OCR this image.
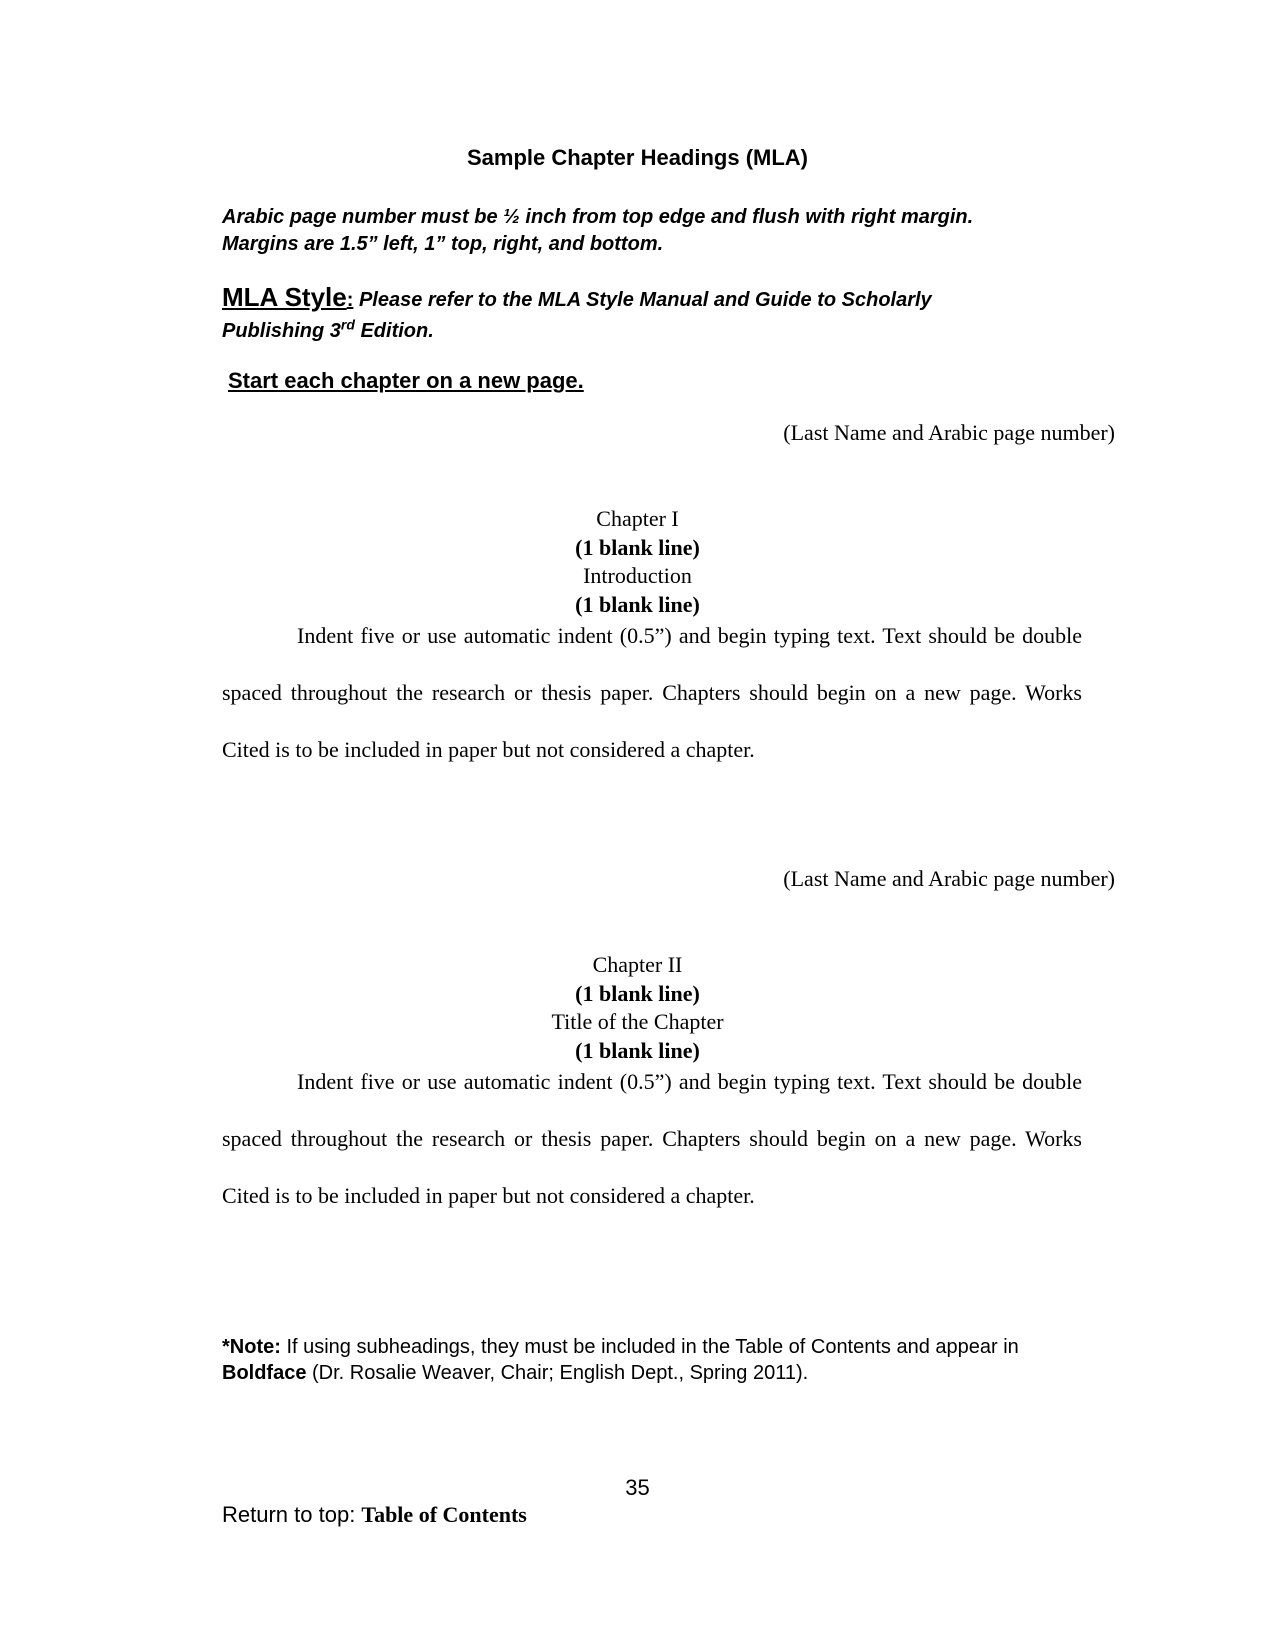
Sample Chapter Headings (MLA)
Arabic page number must be ½ inch from top edge and flush with right margin.
Margins are 1.5” left, 1” top, right, and bottom.
MLA Style: Please refer to the MLA Style Manual and Guide to Scholarly
Publishing 3rd Edition.
Start each chapter on a new page.
(Last Name and Arabic page number)
Chapter I
(1 blank line)
Introduction
(1 blank line)

Indent five or use automatic indent (0.5”) and begin typing text. Text should be double spaced throughout the research or thesis paper. Chapters should begin on a new page. Works Cited is to be included in paper but not considered a chapter.

(Last Name and Arabic page number)
Chapter II
(1 blank line)
Title of the Chapter
(1 blank line)

Indent five or use automatic indent (0.5”) and begin typing text. Text should be double spaced throughout the research or thesis paper. Chapters should begin on a new page. Works Cited is to be included in paper but not considered a chapter.

*Note: If using subheadings, they must be included in the Table of Contents and appear in Boldface (Dr. Rosalie Weaver, Chair; English Dept., Spring 2011).
35
Return to top: Table of Contents
